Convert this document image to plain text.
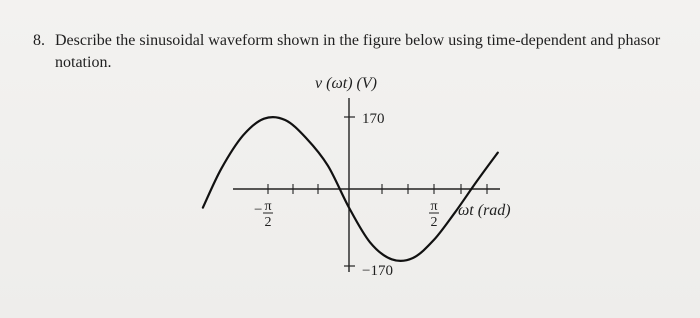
8. Describe the sinusoidal waveform shown in the figure below using time-dependent and phasor
notation.
v (ωt) (V)
170
−170
− π
2
π
2
ωt (rad)
